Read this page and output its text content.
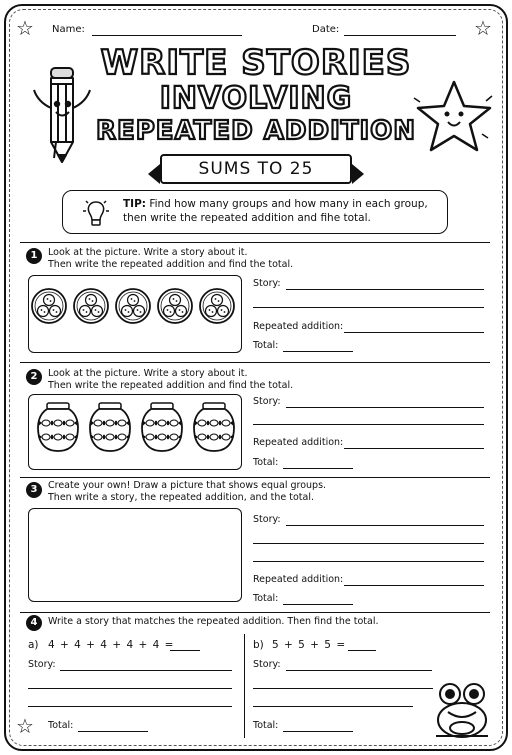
☆	☆
☆
Name:	Date:
WRITE STORIES
INVOLVING
REPEATED ADDITION
SUMS TO 25
TIP: Find how many groups and how many in each group,
then write the repeated addition and fihe total.
1	Look at the picture. Write a story about it.
Then write the repeated addition and find the total.
Story:
Repeated addition:
Total:
2	Look at the picture. Write a story about it.
Then write the repeated addition and find the total.
Story:
Repeated addition:
Total:
3	Create your own! Draw a picture that shows equal groups.
Then write a story, the repeated addition, and the total.
Story:
Repeated addition:
Total:
4	Write a story that matches the repeated addition. Then find the total.
a) 4 + 4 + 4 + 4 + 4 =
Story:
Total:
b) 5 + 5 + 5 =
Story:
Total:
